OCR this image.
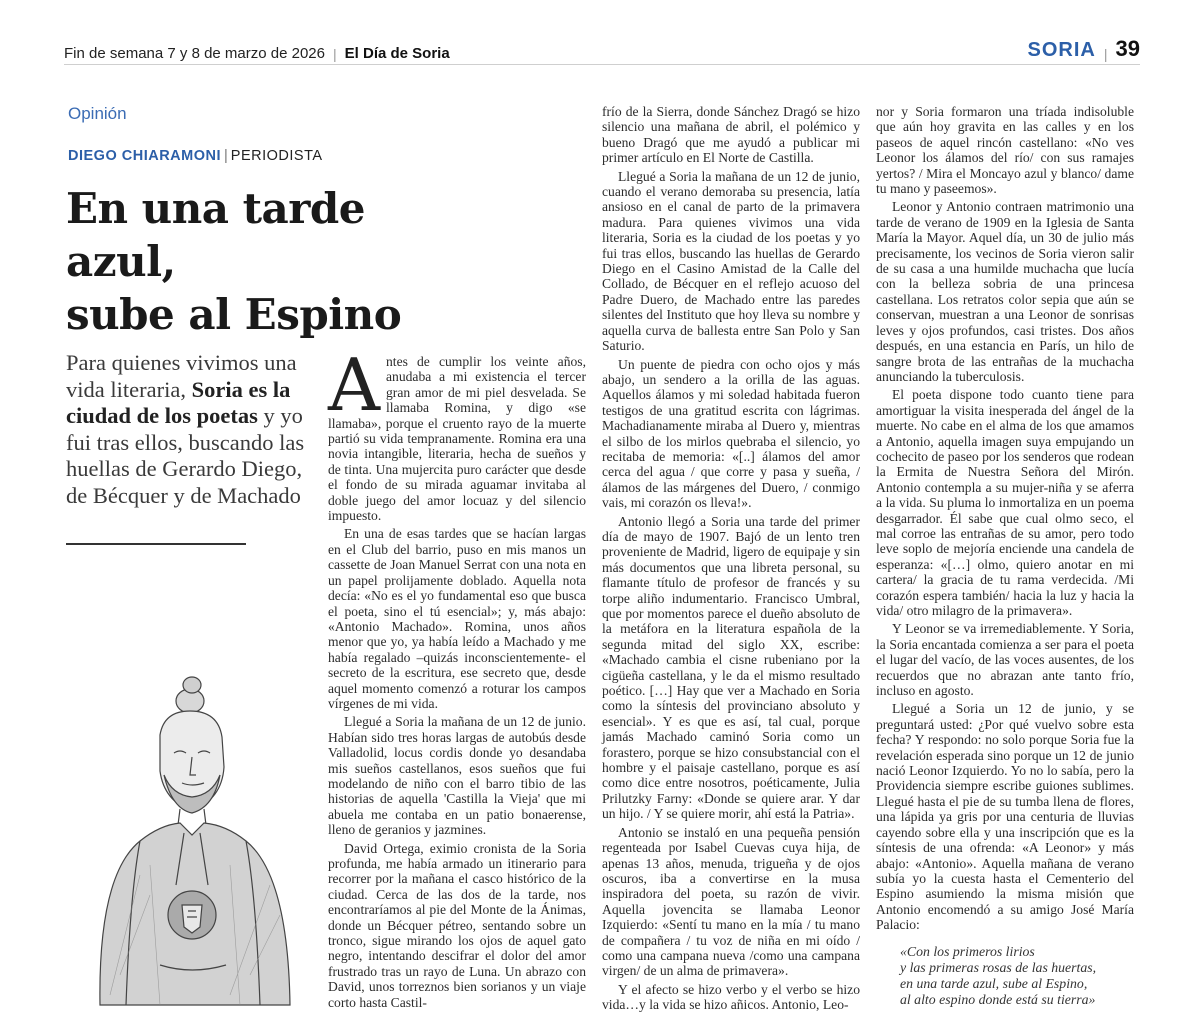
Fin de semana 7 y 8 de marzo de 2026 | El Día de Soria	SORIA | 39
Opinión
DIEGO CHIARAMONI | PERIODISTA
En una tarde azul,
sube al Espino
Para quienes vivimos una vida literaria, Soria es la ciudad de los poetas y yo fui tras ellos, buscando las huellas de Gerardo Diego, de Bécquer y de Machado

Antes de cumplir los veinte años, anudaba a mi existencia el tercer gran amor de mi piel desvelada. Se llamaba Romina, y digo «se llamaba», porque el cruento rayo de la muerte partió su vida tempranamente. Romina era una novia intangible, literaria, hecha de sueños y de tinta. Una mujercita puro carácter que desde el fondo de su mirada aguamar invitaba al doble juego del amor locuaz y del silencio impuesto.

En una de esas tardes que se hacían largas en el Club del barrio, puso en mis manos un cassette de Joan Manuel Serrat con una nota en un papel prolijamente doblado. Aquella nota decía: «No es el yo fundamental eso que busca el poeta, sino el tú esencial»; y, más abajo: «Antonio Machado». Romina, unos años menor que yo, ya había leído a Machado y me había regalado –quizás inconscientemente- el secreto de la escritura, ese secreto que, desde aquel momento comenzó a roturar los campos vírgenes de mi vida.

Llegué a Soria la mañana de un 12 de junio. Habían sido tres horas largas de autobús desde Valladolid, locus cordis donde yo desandaba mis sueños castellanos, esos sueños que fui modelando de niño con el barro tibio de las historias de aquella 'Castilla la Vieja' que mi abuela me contaba en un patio bonaerense, lleno de geranios y jazmines.

David Ortega, eximio cronista de la Soria profunda, me había armado un itinerario para recorrer por la mañana el casco histórico de la ciudad. Cerca de las dos de la tarde, nos encontraríamos al pie del Monte de la Ánimas, donde un Bécquer pétreo, sentando sobre un tronco, sigue mirando los ojos de aquel gato negro, intentando descifrar el dolor del amor frustrado tras un rayo de Luna. Un abrazo con David, unos torreznos bien sorianos y un viaje corto hasta Castil-

frío de la Sierra, donde Sánchez Dragó se hizo silencio una mañana de abril, el polémico y bueno Dragó que me ayudó a publicar mi primer artículo en El Norte de Castilla.

Llegué a Soria la mañana de un 12 de junio, cuando el verano demoraba su presencia, latía ansioso en el canal de parto de la primavera madura. Para quienes vivimos una vida literaria, Soria es la ciudad de los poetas y yo fui tras ellos, buscando las huellas de Gerardo Diego en el Casino Amistad de la Calle del Collado, de Bécquer en el reflejo acuoso del Padre Duero, de Machado entre las paredes silentes del Instituto que hoy lleva su nombre y aquella curva de ballesta entre San Polo y San Saturio.

Un puente de piedra con ocho ojos y más abajo, un sendero a la orilla de las aguas. Aquellos álamos y mi soledad habitada fueron testigos de una gratitud escrita con lágrimas. Machadianamente miraba al Duero y, mientras el silbo de los mirlos quebraba el silencio, yo recitaba de memoria: «[..] álamos del amor cerca del agua / que corre y pasa y sueña, / álamos de las márgenes del Duero, / conmigo vais, mi corazón os lleva!».

Antonio llegó a Soria una tarde del primer día de mayo de 1907. Bajó de un lento tren proveniente de Madrid, ligero de equipaje y sin más documentos que una libreta personal, su flamante título de profesor de francés y su torpe aliño indumentario. Francisco Umbral, que por momentos parece el dueño absoluto de la metáfora en la literatura española de la segunda mitad del siglo XX, escribe: «Machado cambia el cisne rubeniano por la cigüeña castellana, y le da el mismo resultado poético. […] Hay que ver a Machado en Soria como la síntesis del provinciano absoluto y esencial». Y es que es así, tal cual, porque jamás Machado caminó Soria como un forastero, porque se hizo consubstancial con el hombre y el paisaje castellano, porque es así como dice entre nosotros, poéticamente, Julia Prilutzky Farny: «Donde se quiere arar. Y dar un hijo. / Y se quiere morir, ahí está la Patria».

Antonio se instaló en una pequeña pensión regenteada por Isabel Cuevas cuya hija, de apenas 13 años, menuda, trigueña y de ojos oscuros, iba a convertirse en la musa inspiradora del poeta, su razón de vivir. Aquella jovencita se llamaba Leonor Izquierdo: «Sentí tu mano en la mía / tu mano de compañera / tu voz de niña en mi oído / como una campana nueva /como una campana virgen/ de un alma de primavera».

Y el afecto se hizo verbo y el verbo se hizo vida…y la vida se hizo añicos. Antonio, Leo-

nor y Soria formaron una tríada indisoluble que aún hoy gravita en las calles y en los paseos de aquel rincón castellano: «No ves Leonor los álamos del río/ con sus ramajes yertos? / Mira el Moncayo azul y blanco/ dame tu mano y paseemos».

Leonor y Antonio contraen matrimonio una tarde de verano de 1909 en la Iglesia de Santa María la Mayor. Aquel día, un 30 de julio más precisamente, los vecinos de Soria vieron salir de su casa a una humilde muchacha que lucía con la belleza sobria de una princesa castellana. Los retratos color sepia que aún se conservan, muestran a una Leonor de sonrisas leves y ojos profundos, casi tristes. Dos años después, en una estancia en París, un hilo de sangre brota de las entrañas de la muchacha anunciando la tuberculosis.

El poeta dispone todo cuanto tiene para amortiguar la visita inesperada del ángel de la muerte. No cabe en el alma de los que amamos a Antonio, aquella imagen suya empujando un cochecito de paseo por los senderos que rodean la Ermita de Nuestra Señora del Mirón. Antonio contempla a su mujer-niña y se aferra a la vida. Su pluma lo inmortaliza en un poema desgarrador. Él sabe que cual olmo seco, el mal corroe las entrañas de su amor, pero todo leve soplo de mejoría enciende una candela de esperanza: «[…] olmo, quiero anotar en mi cartera/ la gracia de tu rama verdecida. /Mi corazón espera también/ hacia la luz y hacia la vida/ otro milagro de la primavera».

Y Leonor se va irremediablemente. Y Soria, la Soria encantada comienza a ser para el poeta el lugar del vacío, de las voces ausentes, de los recuerdos que no abrazan ante tanto frío, incluso en agosto.

Llegué a Soria un 12 de junio, y se preguntará usted: ¿Por qué vuelvo sobre esta fecha? Y respondo: no solo porque Soria fue la revelación esperada sino porque un 12 de junio nació Leonor Izquierdo. Yo no lo sabía, pero la Providencia siempre escribe guiones sublimes. Llegué hasta el pie de su tumba llena de flores, una lápida ya gris por una centuria de lluvias cayendo sobre ella y una inscripción que es la síntesis de una ofrenda: «A Leonor» y más abajo: «Antonio». Aquella mañana de verano subía yo la cuesta hasta el Cementerio del Espino asumiendo la misma misión que Antonio encomendó a su amigo José María Palacio:

«Con los primeros lirios
y las primeras rosas de las huertas,
en una tarde azul, sube al Espino,
al alto espino donde está su tierra»
